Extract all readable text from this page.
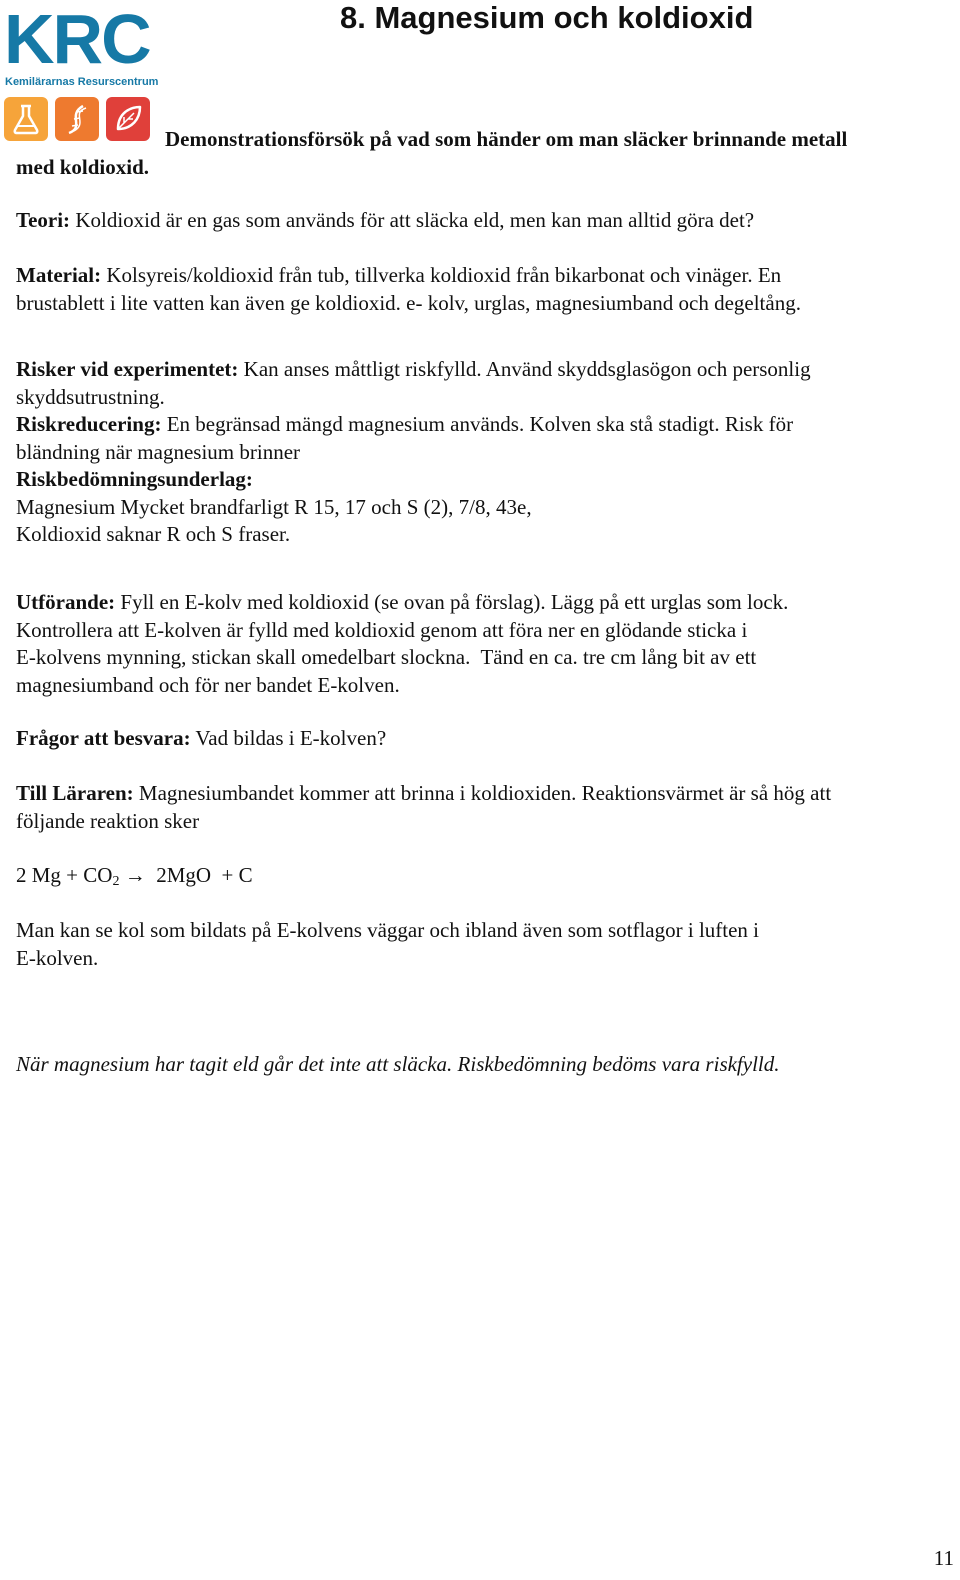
KRC
Kemilärarnas Resurscentrum
8. Magnesium och koldioxid
Demonstrationsförsök på vad som händer om man släcker brinnande metall
med koldioxid.
Teori: Koldioxid är en gas som används för att släcka eld, men kan man alltid göra det?
Material: Kolsyreis/koldioxid från tub, tillverka koldioxid från bikarbonat och vinäger. En
brustablett i lite vatten kan även ge koldioxid. e- kolv, urglas, magnesiumband och degeltång.
Risker vid experimentet: Kan anses måttligt riskfylld. Använd skyddsglasögon och personlig
skyddsutrustning.
Riskreducering: En begränsad mängd magnesium används. Kolven ska stå stadigt. Risk för
bländning när magnesium brinner
Riskbedömningsunderlag:
Magnesium Mycket brandfarligt R 15, 17 och S (2), 7/8, 43e,
Koldioxid saknar R och S fraser.
Utförande: Fyll en E-kolv med koldioxid (se ovan på förslag). Lägg på ett urglas som lock.
Kontrollera att E-kolven är fylld med koldioxid genom att föra ner en glödande sticka i
E-kolvens mynning, stickan skall omedelbart slockna.  Tänd en ca. tre cm lång bit av ett
magnesiumband och för ner bandet E-kolven.
Frågor att besvara: Vad bildas i E-kolven?
Till Läraren: Magnesiumbandet kommer att brinna i koldioxiden. Reaktionsvärmet är så hög att
följande reaktion sker
2 $Mg + CO_2 \to 2MgO + C$
Man kan se kol som bildats på E-kolvens väggar och ibland även som sotflagor i luften i
E-kolven.
När magnesium har tagit eld går det inte att släcka. Riskbedömning bedöms vara riskfylld.
11
